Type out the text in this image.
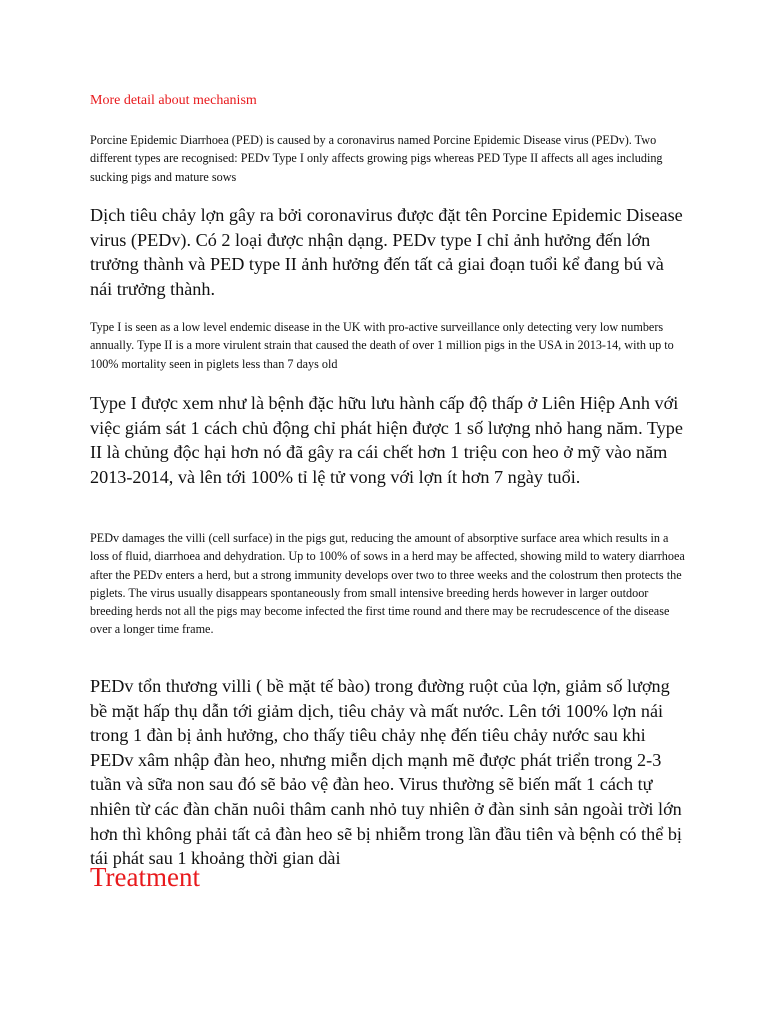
More detail about mechanism

Porcine Epidemic Diarrhoea (PED) is caused by a coronavirus named Porcine Epidemic Disease virus (PEDv). Two different types are recognised: PEDv Type I only affects growing pigs whereas PED Type II affects all ages including sucking pigs and mature sows

Dịch tiêu chảy lợn gây ra bởi coronavirus được đặt tên Porcine Epidemic Disease virus (PEDv). Có 2 loại được nhận dạng. PEDv type I chỉ ảnh hưởng đến lớn trưởng thành và PED type II ảnh hưởng đến tất cả giai đoạn tuổi kể đang bú và nái trưởng thành.

Type I is seen as a low level endemic disease in the UK with pro-active surveillance only detecting very low numbers annually. Type II is a more virulent strain that caused the death of over 1 million pigs in the USA in 2013-14, with up to 100% mortality seen in piglets less than 7 days old

Type I được xem như là bệnh đặc hữu lưu hành cấp độ thấp ở Liên Hiệp Anh với việc giám sát 1 cách chủ động chỉ phát hiện được 1 số lượng nhỏ hang năm. Type II là chủng độc hại hơn nó đã gây ra cái chết hơn 1 triệu con heo ở mỹ vào năm 2013-2014, và lên tới 100% tỉ lệ tử vong với lợn ít hơn 7 ngày tuổi.

PEDv damages the villi (cell surface) in the pigs gut, reducing the amount of absorptive surface area which results in a loss of fluid, diarrhoea and dehydration. Up to 100% of sows in a herd may be affected, showing mild to watery diarrhoea after the PEDv enters a herd, but a strong immunity develops over two to three weeks and the colostrum then protects the piglets. The virus usually disappears spontaneously from small intensive breeding herds however in larger outdoor breeding herds not all the pigs may become infected the first time round and there may be recrudescence of the disease over a longer time frame.

PEDv tổn thương villi ( bề mặt tế bào) trong đường ruột của lợn, giảm số lượng bề mặt hấp thụ dẫn tới giảm dịch, tiêu chảy và mất nước. Lên tới 100% lợn nái trong 1 đàn bị ảnh hưởng, cho thấy tiêu chảy nhẹ đến tiêu chảy nước sau khi PEDv xâm nhập đàn heo, nhưng miễn dịch mạnh mẽ được phát triển trong 2-3 tuần và sữa non sau đó sẽ bảo vệ đàn heo. Virus thường sẽ biến mất 1 cách tự nhiên từ các đàn chăn nuôi thâm canh nhỏ tuy nhiên ở đàn sinh sản ngoài trời lớn hơn thì không phải tất cả đàn heo sẽ bị nhiễm trong lần đầu tiên và bệnh có thể bị tái phát sau 1 khoảng thời gian dài

Treatment
